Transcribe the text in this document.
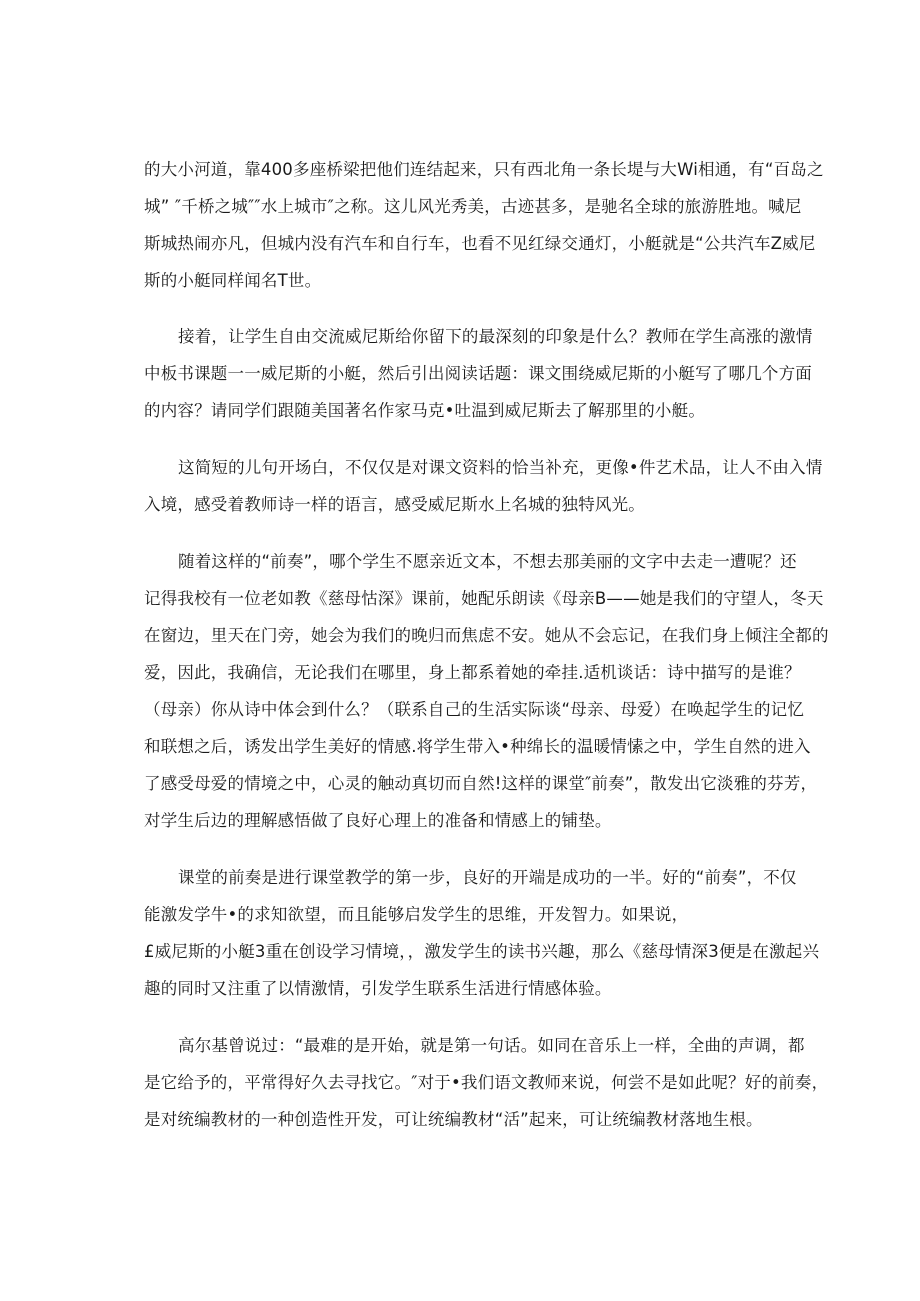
的大小河道，靠400多座桥梁把他们连结起来，只有西北角一条长堤与大Wi相通，有“百岛之
城” ″千桥之城″″水上城市″之称。这儿风光秀美，古迹甚多，是驰名全球的旅游胜地。喊尼
斯城热闹亦凡，但城内没有汽车和自行车，也看不见红绿交通灯，小艇就是“公共汽车Z威尼
斯的小艇同样闻名T世。
接着，让学生自由交流威尼斯给你留下的最深刻的印象是什么？教师在学生高涨的激情
中板书课题一一威尼斯的小艇，然后引出阅读话题：课文围绕威尼斯的小艇写了哪几个方面
的内容？请同学们跟随美国著名作家马克•吐温到威尼斯去了解那里的小艇。
这简短的儿句开场白，不仅仅是对课文资料的恰当补充，更像•件艺术品，让人不由入情
入境，感受着教师诗一样的语言，感受威尼斯水上名城的独特风光。
随着这样的“前奏”，哪个学生不愿亲近文本，不想去那美丽的文字中去走一遭呢？还
记得我校有一位老如教《慈母怙深》课前，她配乐朗读《母亲B——她是我们的守望人，冬天
在窗边，里天在门旁，她会为我们的晚归而焦虑不安。她从不会忘记，在我们身上倾注全都的
爱，因此，我确信，无论我们在哪里，身上都系着她的牵挂.适机谈话：诗中描写的是谁？
（母亲）你从诗中体会到什么？（联系自己的生活实际谈“母亲、母爱）在唤起学生的记忆
和联想之后，诱发出学生美好的情感.将学生带入•种绵长的温暖情愫之中，学生自然的进入
了感受母爱的情境之中，心灵的触动真切而自然!这样的课堂″前奏”，散发出它淡雅的芬芳，
对学生后边的理解感悟做了良好心理上的准备和情感上的铺垫。
课堂的前奏是进行课堂教学的第一步，良好的开端是成功的一半。好的“前奏”，不仅
能激发学牛•的求知欲望，而且能够启发学生的思维，开发智力。如果说，
£威尼斯的小艇3重在创设学习情境，，激发学生的读书兴趣，那么《慈母情深3便是在激起兴
趣的同时又注重了以情激情，引发学生联系生活进行情感体验。
高尔基曾说过：“最难的是开始，就是第一句话。如同在音乐上一样，全曲的声调，都
是它给予的，平常得好久去寻找它。″对于•我们语文教师来说，何尝不是如此呢？好的前奏，
是对统编教材的一种创造性开发，可让统编教材“活”起来，可让统编教材落地生根。
